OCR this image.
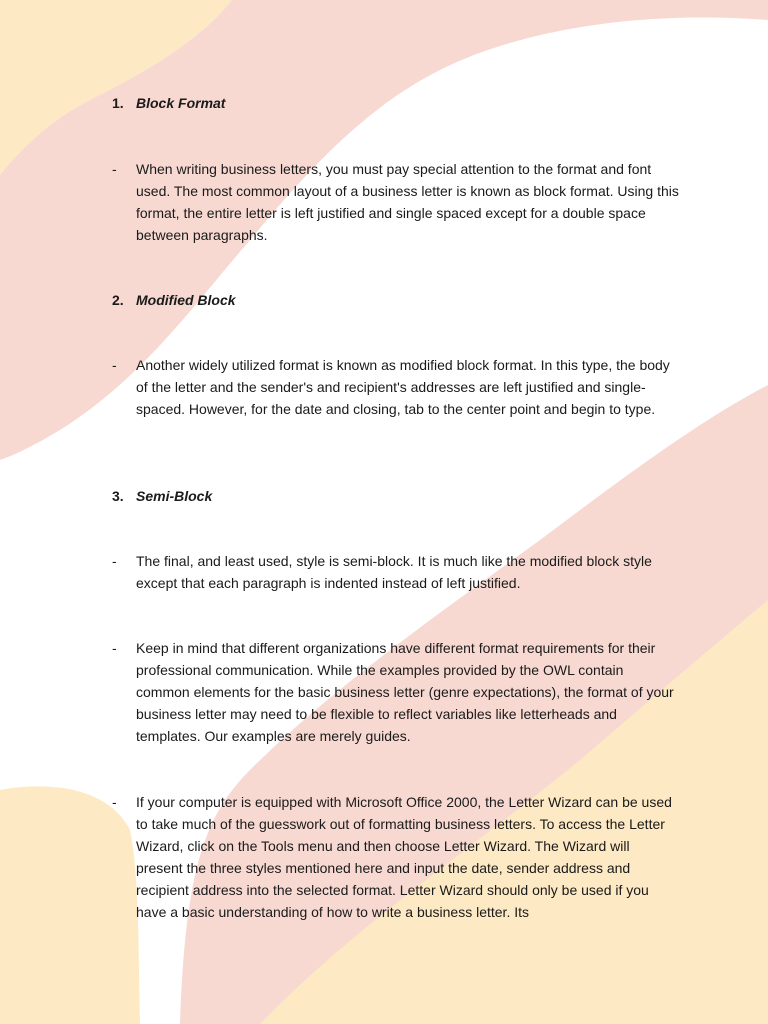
1. Block Format
- When writing business letters, you must pay special attention to the format and font used. The most common layout of a business letter is known as block format. Using this format, the entire letter is left justified and single spaced except for a double space between paragraphs.
2. Modified Block
- Another widely utilized format is known as modified block format. In this type, the body of the letter and the sender's and recipient's addresses are left justified and single-spaced. However, for the date and closing, tab to the center point and begin to type.
3. Semi-Block
- The final, and least used, style is semi-block. It is much like the modified block style except that each paragraph is indented instead of left justified.
- Keep in mind that different organizations have different format requirements for their professional communication. While the examples provided by the OWL contain common elements for the basic business letter (genre expectations), the format of your business letter may need to be flexible to reflect variables like letterheads and templates. Our examples are merely guides.
- If your computer is equipped with Microsoft Office 2000, the Letter Wizard can be used to take much of the guesswork out of formatting business letters. To access the Letter Wizard, click on the Tools menu and then choose Letter Wizard. The Wizard will present the three styles mentioned here and input the date, sender address and recipient address into the selected format. Letter Wizard should only be used if you have a basic understanding of how to write a business letter. Its
